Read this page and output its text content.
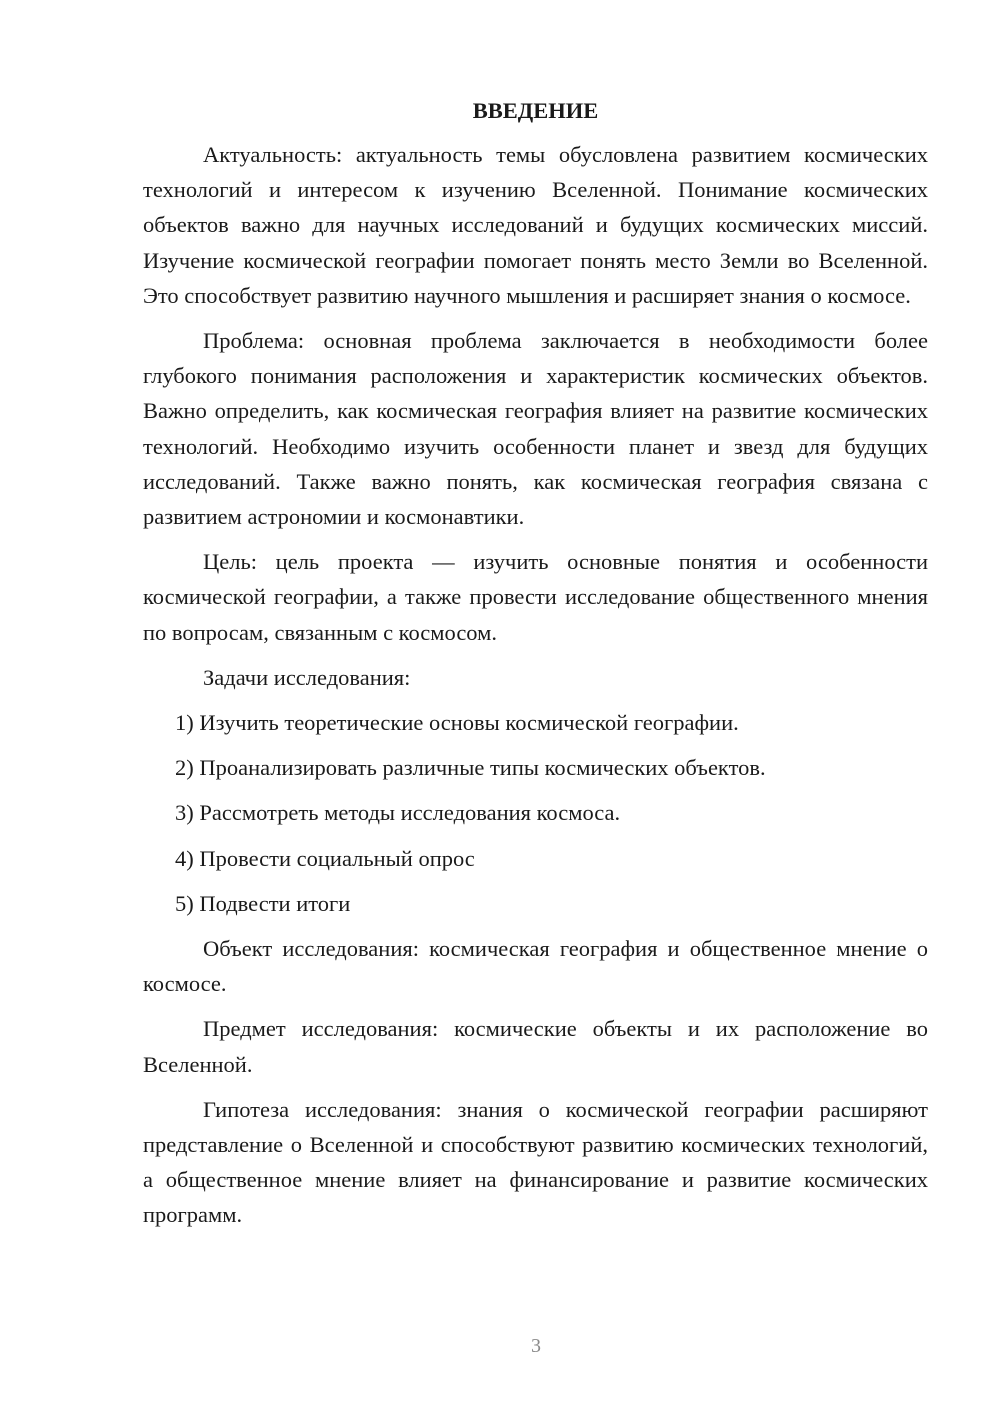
ВВЕДЕНИЕ

Актуальность: актуальность темы обусловлена развитием космических технологий и интересом к изучению Вселенной. Понимание космических объектов важно для научных исследований и будущих космических миссий. Изучение космической географии помогает понять место Земли во Вселенной. Это способствует развитию научного мышления и расширяет знания о космосе.

Проблема: основная проблема заключается в необходимости более глубокого понимания расположения и характеристик космических объектов. Важно определить, как космическая география влияет на развитие космических технологий. Необходимо изучить особенности планет и звезд для будущих исследований. Также важно понять, как космическая география связана с развитием астрономии и космонавтики.

Цель: цель проекта — изучить основные понятия и особенности космической географии, а также провести исследование общественного мнения по вопросам, связанным с космосом.

Задачи исследования:

1) Изучить теоретические основы космической географии.
2) Проанализировать различные типы космических объектов.
3) Рассмотреть методы исследования космоса.
4) Провести социальный опрос
5) Подвести итоги

Объект исследования: космическая география и общественное мнение о космосе.

Предмет исследования: космические объекты и их расположение во Вселенной.

Гипотеза исследования: знания о космической географии расширяют представление о Вселенной и способствуют развитию космических технологий, а общественное мнение влияет на финансирование и развитие космических программ.

3
